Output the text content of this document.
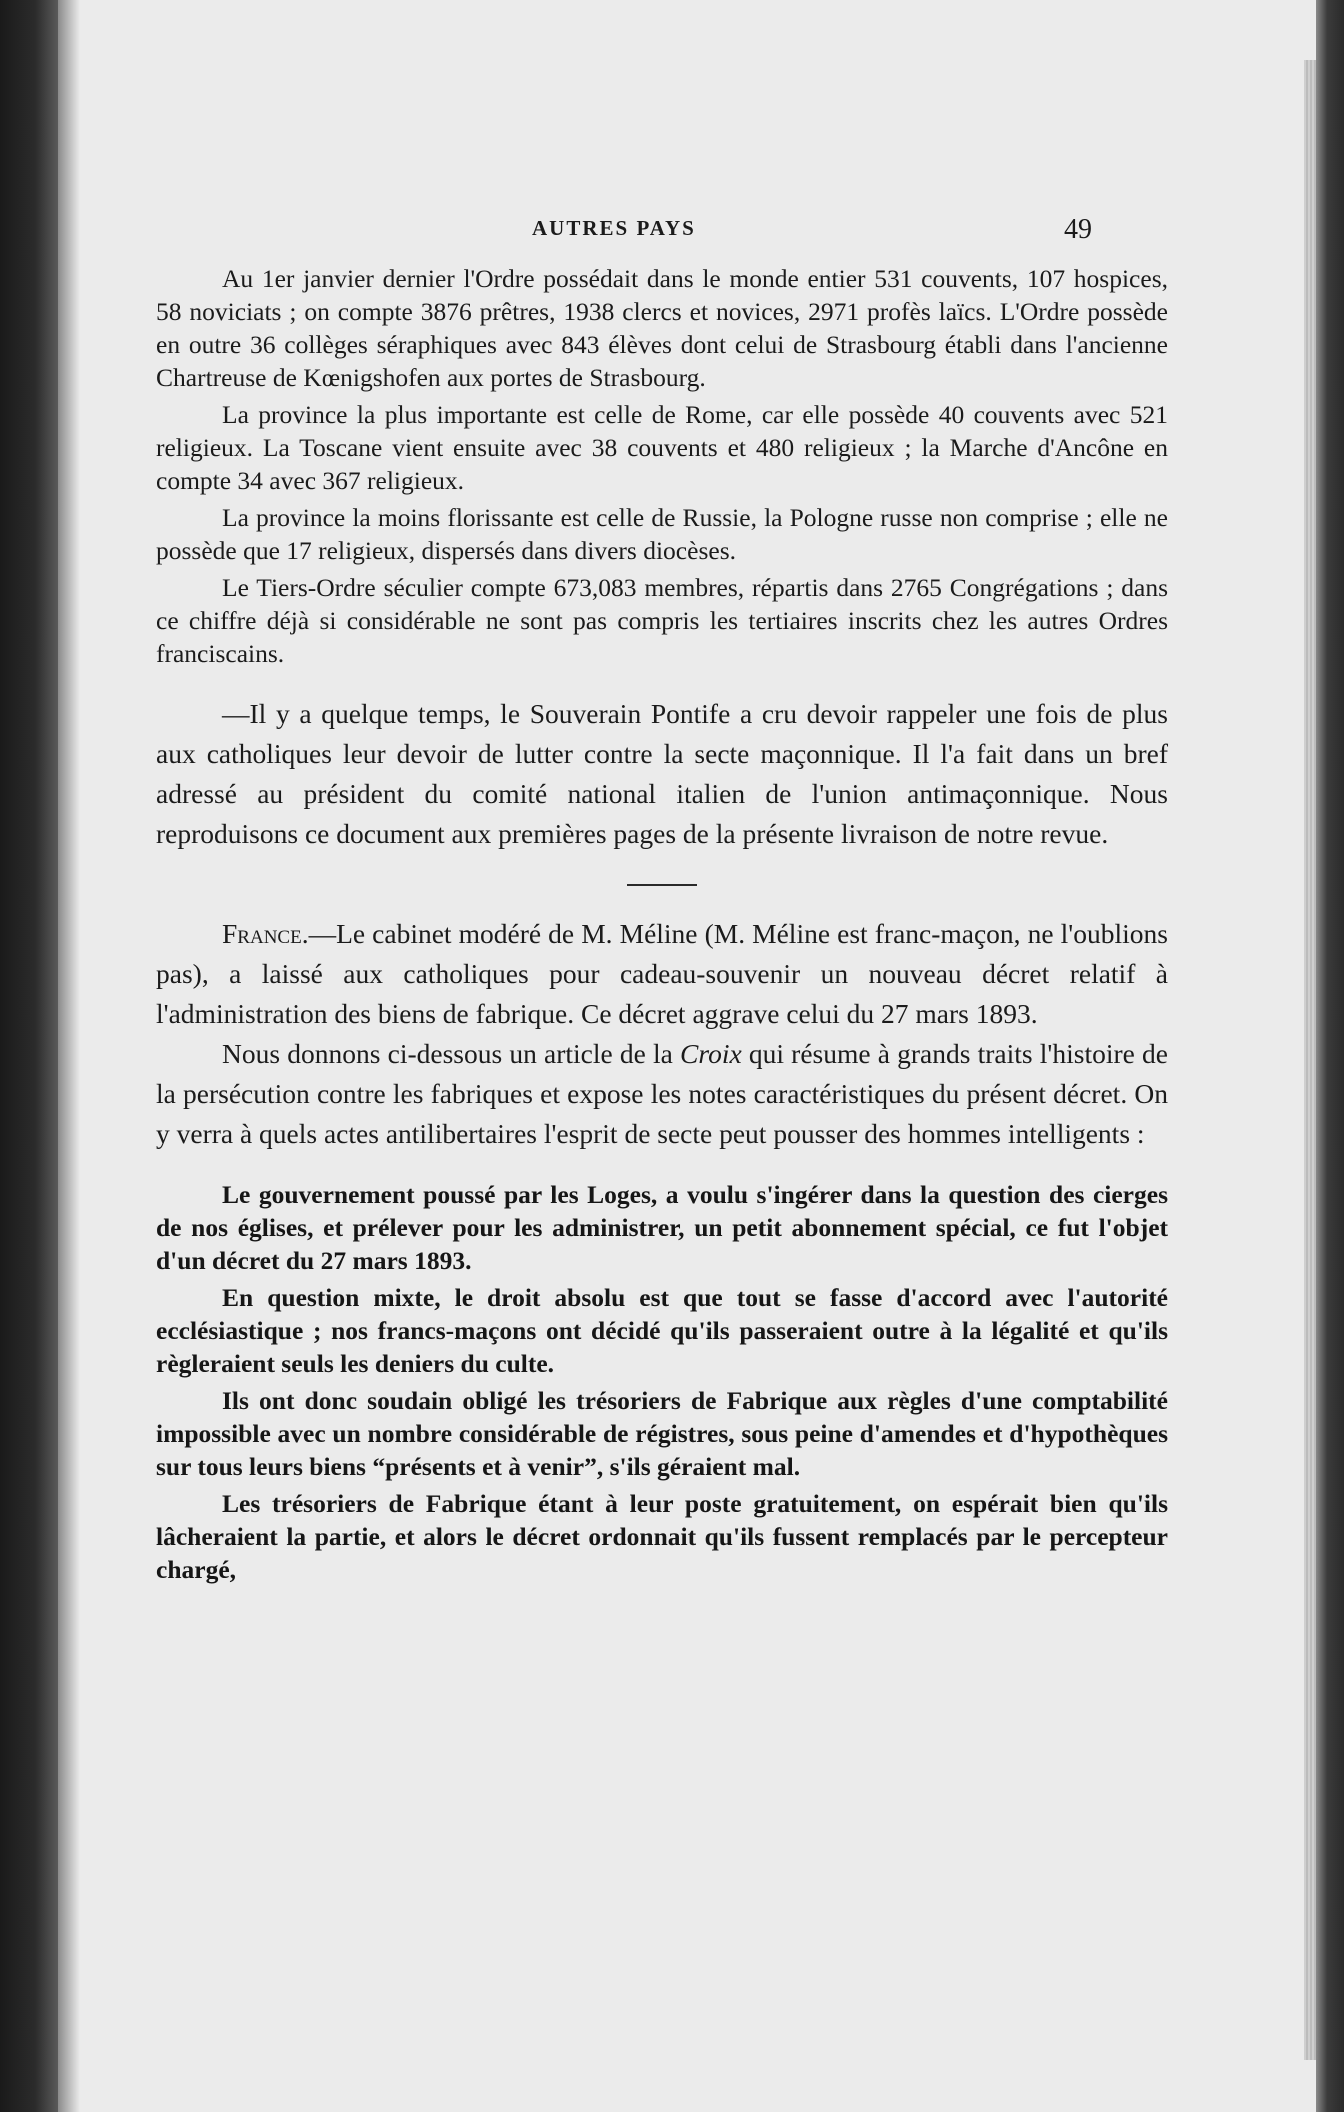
AUTRES PAYS	49

Au 1er janvier dernier l'Ordre possédait dans le monde entier 531 couvents, 107 hospices, 58 noviciats ; on compte 3876 prêtres, 1938 clercs et novices, 2971 profès laïcs. L'Ordre possède en outre 36 collèges séraphiques avec 843 élèves dont celui de Strasbourg établi dans l'ancienne Chartreuse de Kœnigshofen aux portes de Strasbourg.

La province la plus importante est celle de Rome, car elle possède 40 couvents avec 521 religieux. La Toscane vient ensuite avec 38 couvents et 480 religieux ; la Marche d'Ancône en compte 34 avec 367 religieux.

La province la moins florissante est celle de Russie, la Pologne russe non comprise ; elle ne possède que 17 religieux, dispersés dans divers diocèses.

Le Tiers-Ordre séculier compte 673,083 membres, répartis dans 2765 Congrégations ; dans ce chiffre déjà si considérable ne sont pas compris les tertiaires inscrits chez les autres Ordres franciscains.

—Il y a quelque temps, le Souverain Pontife a cru devoir rappeler une fois de plus aux catholiques leur devoir de lutter contre la secte maçonnique. Il l'a fait dans un bref adressé au président du comité national italien de l'union antimaçonnique. Nous reproduisons ce document aux premières pages de la présente livraison de notre revue.

France.—Le cabinet modéré de M. Méline (M. Méline est franc-maçon, ne l'oublions pas), a laissé aux catholiques pour cadeau-souvenir un nouveau décret relatif à l'administration des biens de fabrique. Ce décret aggrave celui du 27 mars 1893.

Nous donnons ci-dessous un article de la Croix qui résume à grands traits l'histoire de la persécution contre les fabriques et expose les notes caractéristiques du présent décret. On y verra à quels actes antilibertaires l'esprit de secte peut pousser des hommes intelligents :

Le gouvernement poussé par les Loges, a voulu s'ingérer dans la question des cierges de nos églises, et prélever pour les administrer, un petit abonnement spécial, ce fut l'objet d'un décret du 27 mars 1893.

En question mixte, le droit absolu est que tout se fasse d'accord avec l'autorité ecclésiastique ; nos francs-maçons ont décidé qu'ils passeraient outre à la légalité et qu'ils règleraient seuls les deniers du culte.

Ils ont donc soudain obligé les trésoriers de Fabrique aux règles d'une comptabilité impossible avec un nombre considérable de régistres, sous peine d'amendes et d'hypothèques sur tous leurs biens “présents et à venir”, s'ils géraient mal.

Les trésoriers de Fabrique étant à leur poste gratuitement, on espérait bien qu'ils lâcheraient la partie, et alors le décret ordonnait qu'ils fussent remplacés par le percepteur chargé,
